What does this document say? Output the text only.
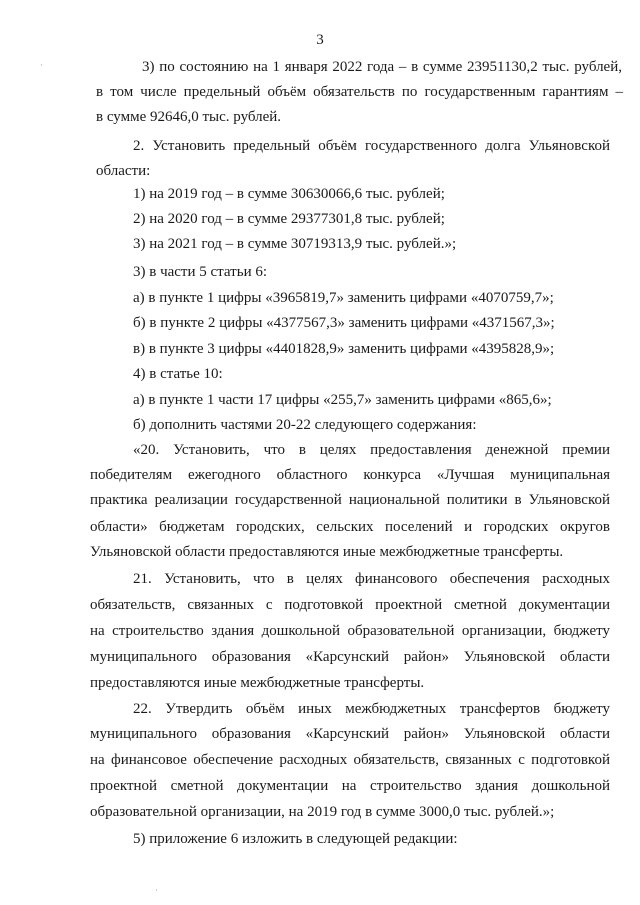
3
3) по состоянию на 1 января 2022 года – в сумме 23951130,2 тыс. рублей,
в том числе предельный объём обязательств по государственным гарантиям –
в сумме 92646,0 тыс. рублей.
2. Установить предельный объём государственного долга Ульяновской
области:
1) на 2019 год – в сумме 30630066,6 тыс. рублей;
2) на 2020 год – в сумме 29377301,8 тыс. рублей;
3) на 2021 год – в сумме 30719313,9 тыс. рублей.»;
3) в части 5 статьи 6:
а) в пункте 1 цифры «3965819,7» заменить цифрами «4070759,7»;
б) в пункте 2 цифры «4377567,3» заменить цифрами «4371567,3»;
в) в пункте 3 цифры «4401828,9» заменить цифрами «4395828,9»;
4) в статье 10:
а) в пункте 1 части 17 цифры «255,7» заменить цифрами «865,6»;
б) дополнить частями 20-22 следующего содержания:
«20. Установить, что в целях предоставления денежной премии
победителям ежегодного областного конкурса «Лучшая муниципальная
практика реализации государственной национальной политики в Ульяновской
области» бюджетам городских, сельских поселений и городских округов
Ульяновской области предоставляются иные межбюджетные трансферты.
21. Установить, что в целях финансового обеспечения расходных
обязательств, связанных с подготовкой проектной сметной документации
на строительство здания дошкольной образовательной организации, бюджету
муниципального образования «Карсунский район» Ульяновской области
предоставляются иные межбюджетные трансферты.
22. Утвердить объём иных межбюджетных трансфертов бюджету
муниципального образования «Карсунский район» Ульяновской области
на финансовое обеспечение расходных обязательств, связанных с подготовкой
проектной сметной документации на строительство здания дошкольной
образовательной организации, на 2019 год в сумме 3000,0 тыс. рублей.»;
5) приложение 6 изложить в следующей редакции:
·
·
